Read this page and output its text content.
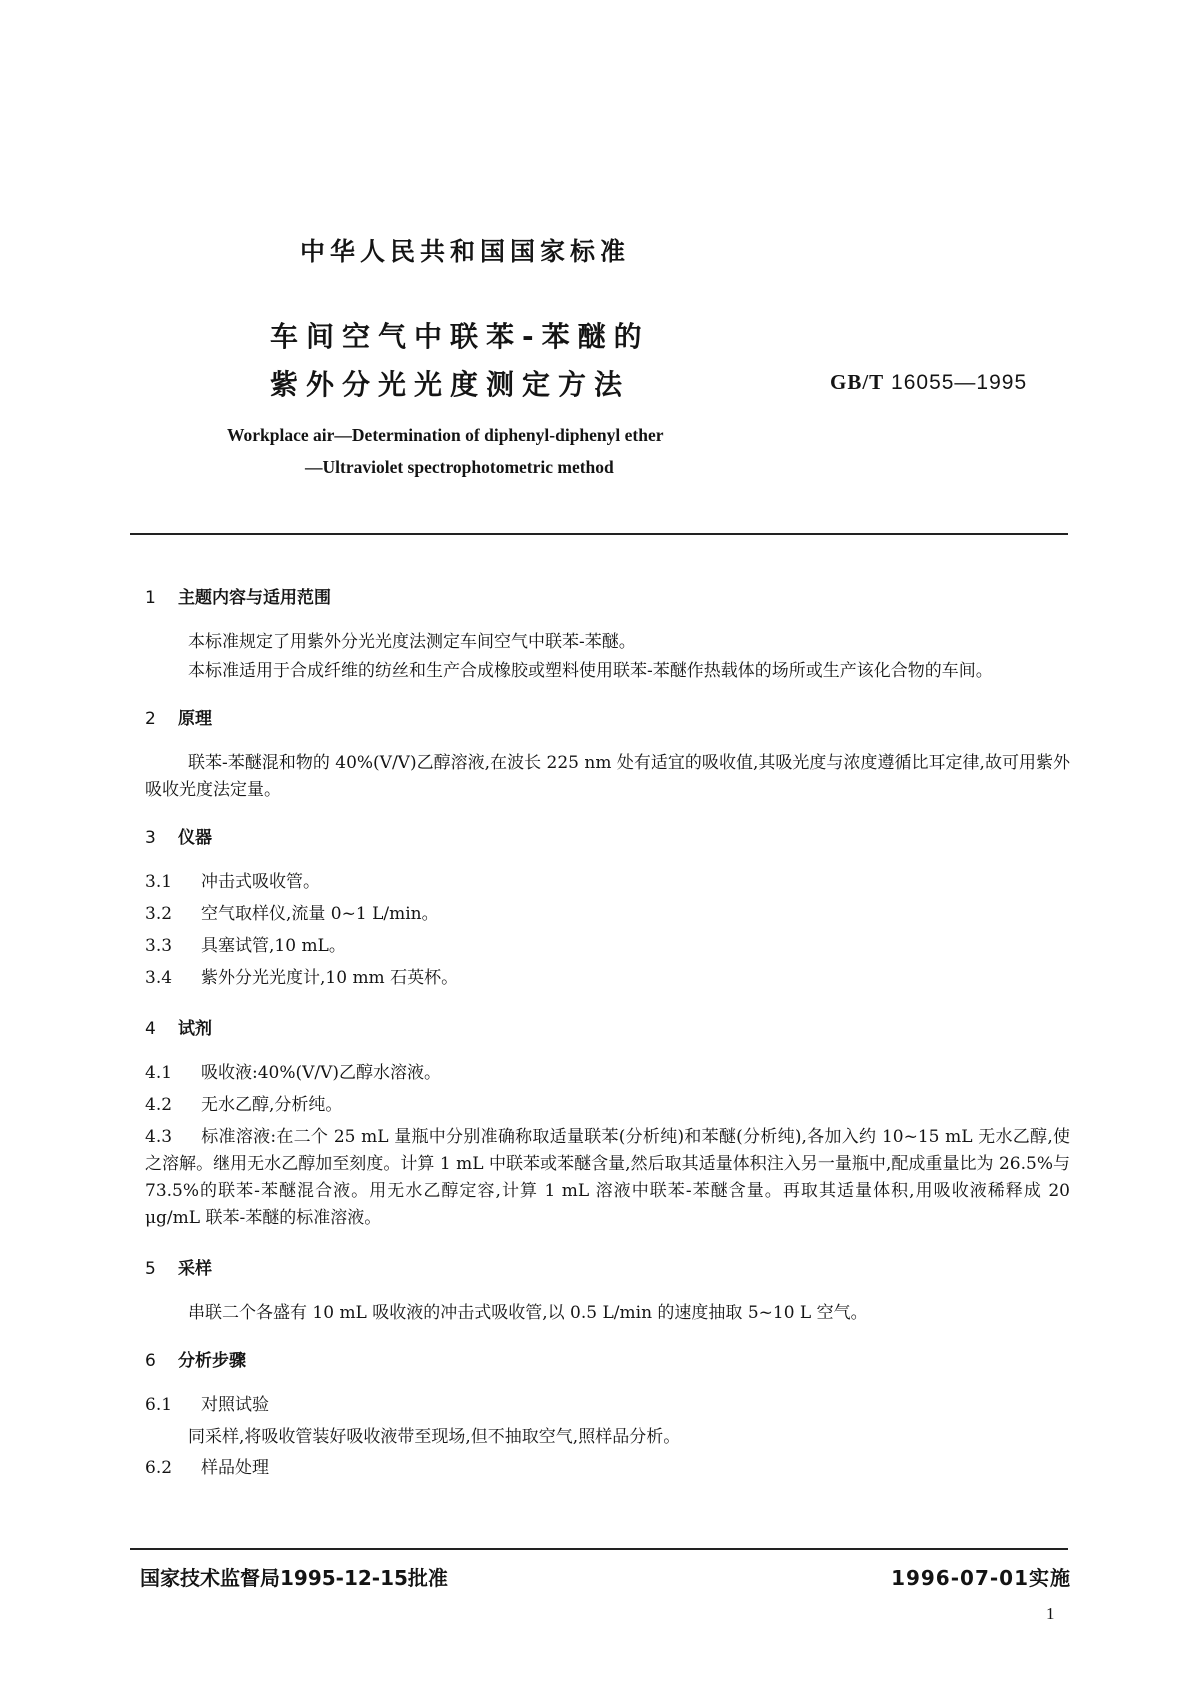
中华人民共和国国家标准

车间空气中联苯-苯醚的

紫外分光光度测定方法	GB/T 16055—1995

Workplace air—Determination of diphenyl-diphenyl ether

—Ultraviolet spectrophotometric method

1 主题内容与适用范围

本标准规定了用紫外分光光度法测定车间空气中联苯-苯醚。

本标准适用于合成纤维的纺丝和生产合成橡胶或塑料使用联苯-苯醚作热载体的场所或生产该化合物的车间。

2 原理

联苯-苯醚混和物的 40%(V/V)乙醇溶液,在波长 225 nm 处有适宜的吸收值,其吸光度与浓度遵循比耳定律,故可用紫外吸收光度法定量。

3 仪器

3.1 冲击式吸收管。

3.2 空气取样仪,流量 0~1 L/min。

3.3 具塞试管,10 mL。

3.4 紫外分光光度计,10 mm 石英杯。

4 试剂

4.1 吸收液:40%(V/V)乙醇水溶液。

4.2 无水乙醇,分析纯。

4.3 标准溶液:在二个 25 mL 量瓶中分别准确称取适量联苯(分析纯)和苯醚(分析纯),各加入约 10~15 mL 无水乙醇,使之溶解。继用无水乙醇加至刻度。计算 1 mL 中联苯或苯醚含量,然后取其适量体积注入另一量瓶中,配成重量比为 26.5%与 73.5%的联苯-苯醚混合液。用无水乙醇定容,计算 1 mL 溶液中联苯-苯醚含量。再取其适量体积,用吸收液稀释成 20 μg/mL 联苯-苯醚的标准溶液。

5 采样

串联二个各盛有 10 mL 吸收液的冲击式吸收管,以 0.5 L/min 的速度抽取 5~10 L 空气。

6 分析步骤

6.1 对照试验

同采样,将吸收管装好吸收液带至现场,但不抽取空气,照样品分析。

6.2 样品处理

国家技术监督局1995-12-15批准	1996-07-01实施

1
